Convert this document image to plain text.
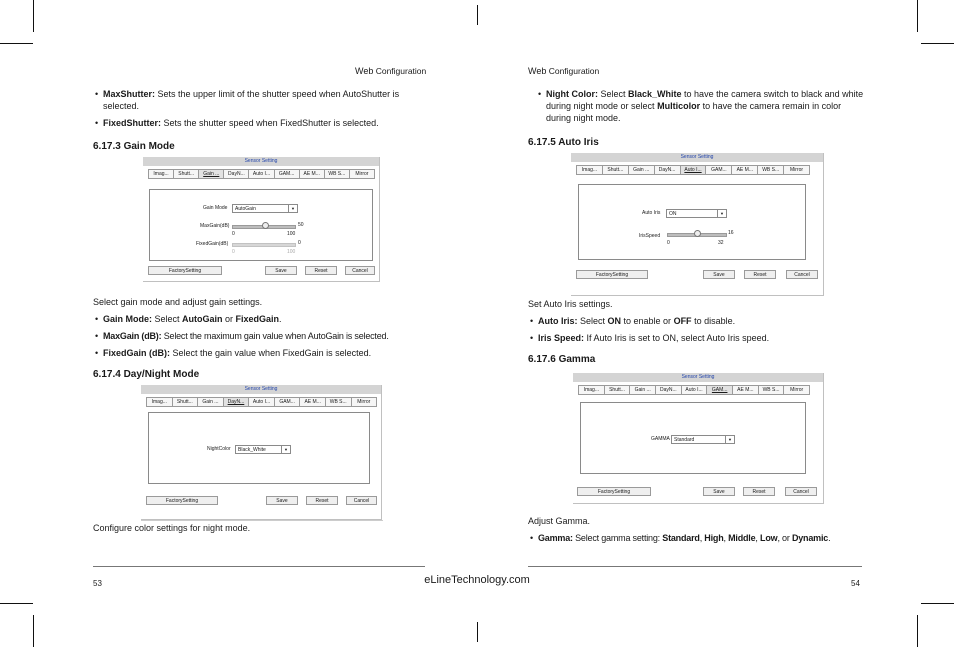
Web Configuration	Web Configuration
• MaxShutter: Sets the upper limit of the shutter speed when AutoShutter is selected.
• FixedShutter: Sets the shutter speed when FixedShutter is selected.
6.17.3 Gain Mode
Select gain mode and adjust gain settings.
• Gain Mode: Select AutoGain or FixedGain.
• MaxGain (dB): Select the maximum gain value when AutoGain is selected.
• FixedGain (dB): Select the gain value when FixedGain is selected.
6.17.4 Day/Night Mode
Configure color settings for night mode.
• Night Color: Select Black_White to have the camera switch to black and white during night mode or select Multicolor to have the camera remain in color during night mode.
6.17.5 Auto Iris
Set Auto Iris settings.
• Auto Iris: Select ON to enable or OFF to disable.
• Iris Speed: If Auto Iris is set to ON, select Auto Iris speed.
6.17.6 Gamma
Adjust Gamma.
• Gamma: Select gamma setting: Standard, High, Middle, Low, or Dynamic.
Sensor Setting
Imag...	Shutt...	Gain ...	DayN...	Auto I...	GAM...	AE M...	WB S...	Mirror
Gain Mode	AutoGain	▼
MaxGain(dB)	50
0	100
FixedGain(dB)	0
0	100
FactorySetting	Save	Reset	Cancel
Sensor Setting
Imag...	Shutt...	Gain ...	DayN...	Auto I...	GAM...	AE M...	WB S...	Mirror
NightColor	Black_White	▼
FactorySetting	Save	Reset	Cancel
Sensor Setting
Imag...	Shutt...	Gain ...	DayN...	Auto I...	GAM...	AE M...	WB S...	Mirror
Auto Iris	ON	▼
IrisSpeed	16
0	32
FactorySetting	Save	Reset	Cancel
Sensor Setting
Imag...	Shutt...	Gain ...	DayN...	Auto I...	GAM...	AE M...	WB S...	Mirror
GAMMA Standard	▼
FactorySetting	Save	Reset	Cancel
53	54
eLineTechnology.com
